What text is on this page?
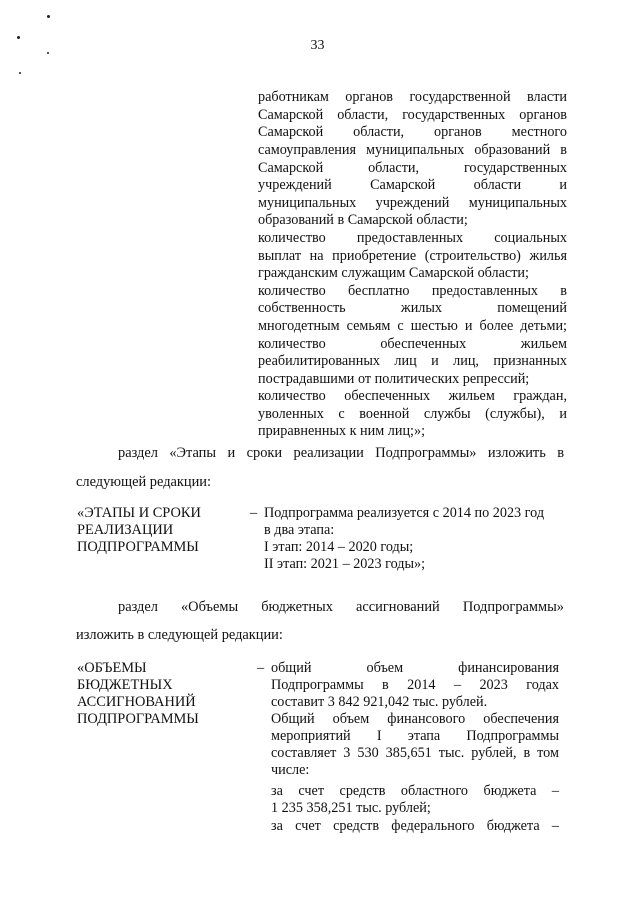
33
работникам органов государственной власти
Самарской области, государственных органов
Самарской области, органов местного
самоуправления муниципальных образований в
Самарской области, государственных
учреждений Самарской области и
муниципальных учреждений муниципальных
образований в Самарской области;
количество предоставленных социальных
выплат на приобретение (строительство) жилья
гражданским служащим Самарской области;
количество бесплатно предоставленных в
собственность жилых помещений
многодетным семьям с шестью и более детьми;
количество обеспеченных жильем
реабилитированных лиц и лиц, признанных
пострадавшими от политических репрессий;
количество обеспеченных жильем граждан,
уволенных с военной службы (службы), и
приравненных к ним лиц;»;
раздел «Этапы и сроки реализации Подпрограммы» изложить в
следующей редакции:
«ЭТАПЫ И СРОКИ
РЕАЛИЗАЦИИ
ПОДПРОГРАММЫ
– Подпрограмма реализуется с 2014 по 2023 год
в два этапа:
I этап: 2014 – 2020 годы;
II этап: 2021 – 2023 годы»;
раздел «Объемы бюджетных ассигнований Подпрограммы»
изложить в следующей редакции:
«ОБЪЕМЫ
БЮДЖЕТНЫХ
АССИГНОВАНИЙ
ПОДПРОГРАММЫ
– общий объем финансирования
Подпрограммы в 2014 – 2023 годах
составит 3 842 921,042 тыс. рублей.
Общий объем финансового обеспечения
мероприятий I этапа Подпрограммы
составляет 3 530 385,651 тыс. рублей, в том
числе:
за счет средств областного бюджета –
1 235 358,251 тыс. рублей;
за счет средств федерального бюджета –
